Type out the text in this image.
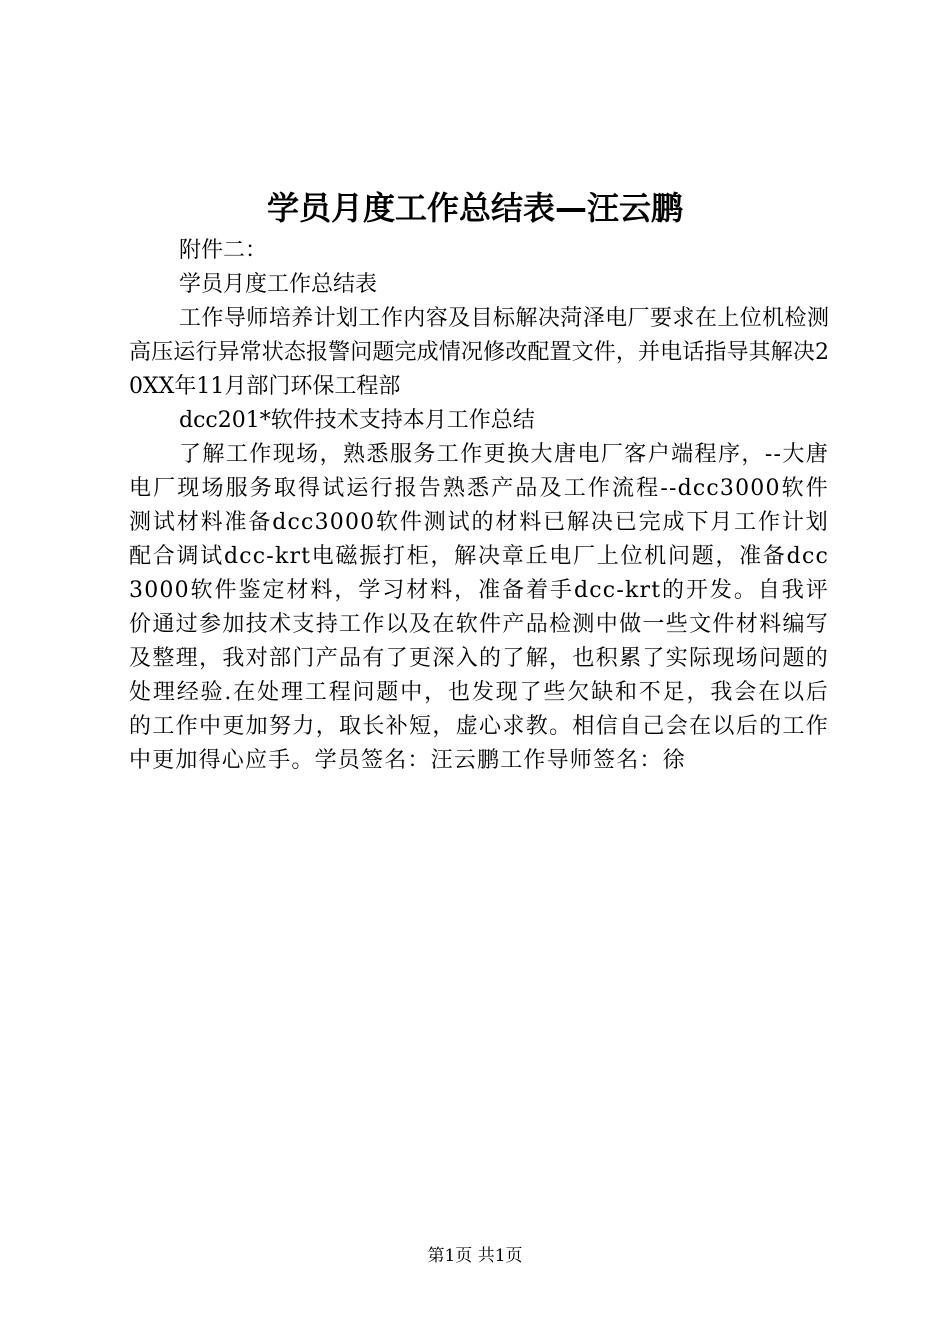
学员月度工作总结表—汪云鹏

附件二：

学员月度工作总结表

工作导师培养计划工作内容及目标解决菏泽电厂要求在上位机检测高压运行异常状态报警问题完成情况修改配置文件，并电话指导其解决20XX年11月部门环保工程部

dcc201*软件技术支持本月工作总结

了解工作现场，熟悉服务工作更换大唐电厂客户端程序，--大唐电厂现场服务取得试运行报告熟悉产品及工作流程--dcc3000软件测试材料准备dcc3000软件测试的材料已解决已完成下月工作计划配合调试dcc-krt电磁振打柜，解决章丘电厂上位机问题，准备dcc3000软件鉴定材料，学习材料，准备着手dcc-krt的开发。自我评价通过参加技术支持工作以及在软件产品检测中做一些文件材料编写及整理，我对部门产品有了更深入的了解，也积累了实际现场问题的处理经验.在处理工程问题中，也发现了些欠缺和不足，我会在以后的工作中更加努力，取长补短，虚心求教。相信自己会在以后的工作中更加得心应手。学员签名：汪云鹏工作导师签名：徐

第1页 共1页
